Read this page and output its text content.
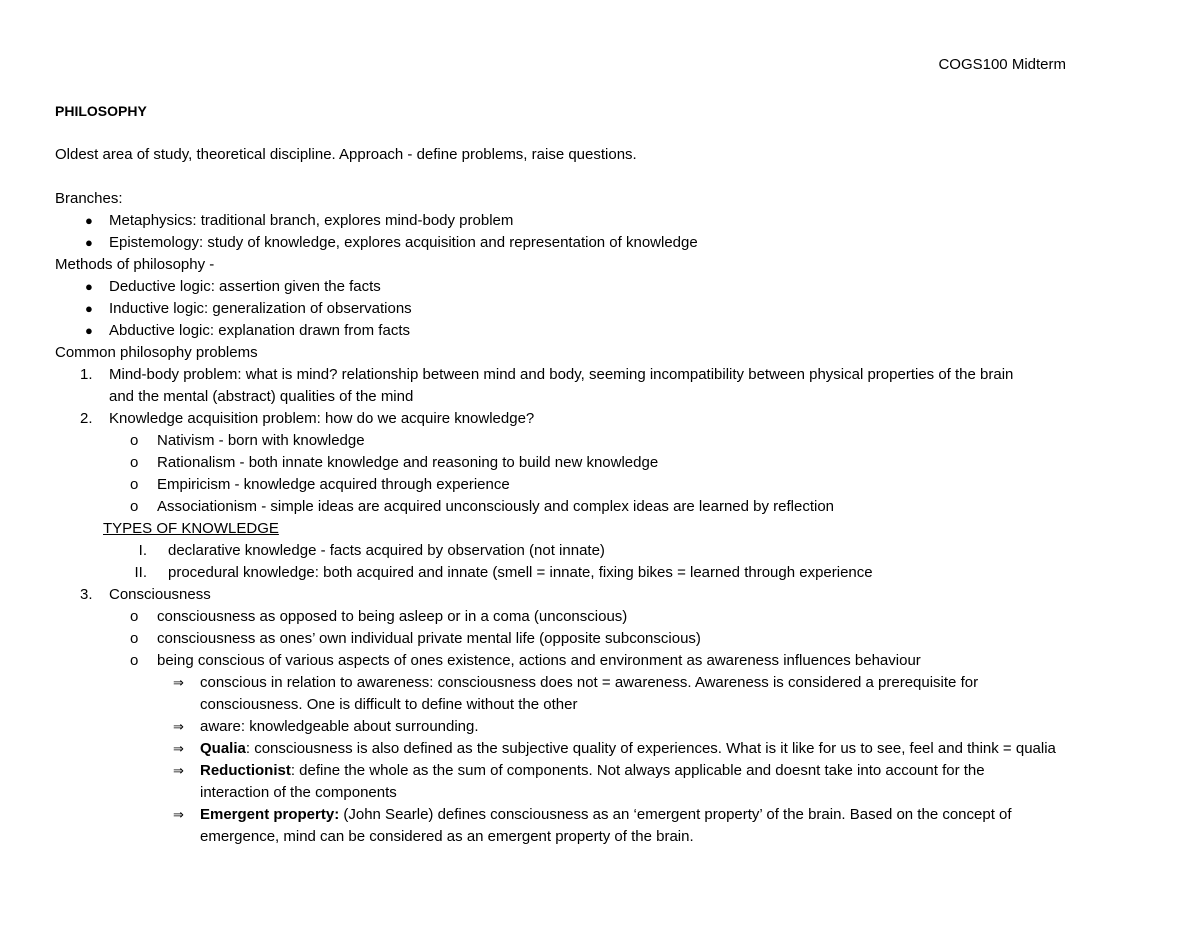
COGS100 Midterm
PHILOSOPHY
Oldest area of study, theoretical discipline. Approach - define problems, raise questions.
Branches:
● Metaphysics: traditional branch, explores mind-body problem
● Epistemology: study of knowledge, explores acquisition and representation of knowledge
Methods of philosophy -
● Deductive logic: assertion given the facts
● Inductive logic: generalization of observations
● Abductive logic: explanation drawn from facts
Common philosophy problems
1. Mind-body problem: what is mind? relationship between mind and body, seeming incompatibility between physical properties of the brain
and the mental (abstract) qualities of the mind
2. Knowledge acquisition problem: how do we acquire knowledge?
o Nativism - born with knowledge
o Rationalism - both innate knowledge and reasoning to build new knowledge
o Empiricism - knowledge acquired through experience
o Associationism - simple ideas are acquired unconsciously and complex ideas are learned by reflection
TYPES OF KNOWLEDGE
I. declarative knowledge - facts acquired by observation (not innate)
II. procedural knowledge: both acquired and innate (smell = innate, fixing bikes = learned through experience
3. Consciousness
o consciousness as opposed to being asleep or in a coma (unconscious)
o consciousness as ones’ own individual private mental life (opposite subconscious)
o being conscious of various aspects of ones existence, actions and environment as awareness influences behaviour
⇒ conscious in relation to awareness: consciousness does not = awareness. Awareness is considered a prerequisite for
consciousness. One is difficult to define without the other
⇒ aware: knowledgeable about surrounding.
⇒ Qualia: consciousness is also defined as the subjective quality of experiences. What is it like for us to see, feel and think = qualia
⇒ Reductionist: define the whole as the sum of components. Not always applicable and doesnt take into account for the
interaction of the components
⇒ Emergent property: (John Searle) defines consciousness as an ‘emergent property’ of the brain. Based on the concept of
emergence, mind can be considered as an emergent property of the brain.
